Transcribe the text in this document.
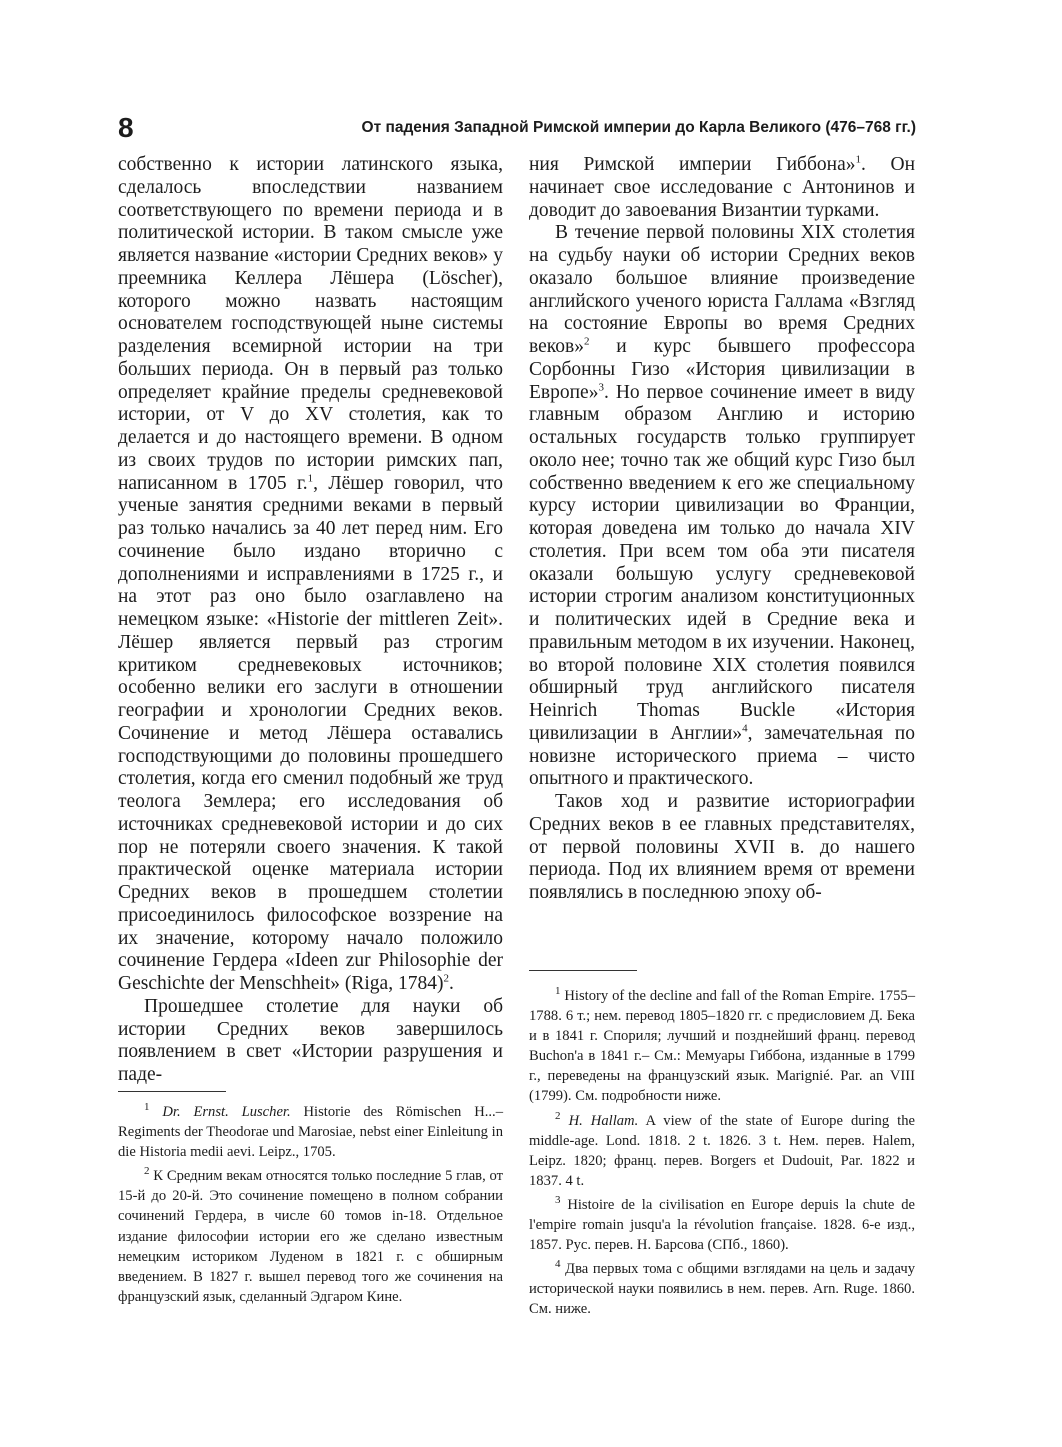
8	От падения Западной Римской империи до Карла Великого (476–768 гг.)

собственно к истории латинского языка, сделалось впоследствии названием соответствующего по времени периода и в политической истории. В таком смысле уже является название «истории Средних веков» у преемника Келлера Лёшера (Löscher), которого можно назвать настоящим основателем господствующей ныне системы разделения всемирной истории на три больших периода. Он в первый раз только определяет крайние пределы средневековой истории, от V до XV столетия, как то делается и до настоящего времени. В одном из своих трудов по истории римских пап, написанном в 1705 г.$^1$, Лёшер говорил, что ученые занятия средними веками в первый раз только начались за 40 лет перед ним. Его сочинение было издано вторично с дополнениями и исправлениями в 1725 г., и на этот раз оно было озаглавлено на немецком языке: «Historie der mittleren Zeit». Лёшер является первый раз строгим критиком средневековых источников; особенно велики его заслуги в отношении географии и хронологии Средних веков. Сочинение и метод Лёшера оставались господствующими до половины прошедшего столетия, когда его сменил подобный же труд теолога Землера; его исследования об источниках средневековой истории и до сих пор не потеряли своего значения. К такой практической оценке материала истории Средних веков в прошедшем столетии присоединилось философское воззрение на их значение, которому начало положило сочинение Гердера «Ideen zur Philosophie der Geschichte der Menschheit» (Riga, 1784)$^2$.

Прошедшее столетие для науки об истории Средних веков завершилось появлением в свет «Истории разрушения и паде-

ния Римской империи Гиббона»$^1$. Он начинает свое исследование с Антонинов и доводит до завоевания Византии турками.

В течение первой половины XIX столетия на судьбу науки об истории Средних веков оказало большое влияние произведение английского ученого юриста Галлама «Взгляд на состояние Европы во время Средних веков»$^2$ и курс бывшего профессора Сорбонны Гизо «История цивилизации в Европе»$^3$. Но первое сочинение имеет в виду главным образом Англию и историю остальных государств только группирует около нее; точно так же общий курс Гизо был собственно введением к его же специальному курсу истории цивилизации во Франции, которая доведена им только до начала XIV столетия. При всем том оба эти писателя оказали большую услугу средневековой истории строгим анализом конституционных и политических идей в Средние века и правильным методом в их изучении. Наконец, во второй половине XIX столетия появился обширный труд английского писателя Heinrich Thomas Buckle «История цивилизации в Англии»$^4$, замечательная по новизне исторического приема – чисто опытного и практического.

Таков ход и развитие историографии Средних веков в ее главных представителях, от первой половины XVII в. до нашего периода. Под их влиянием время от времени появлялись в последнюю эпоху об-

$^1$ Dr. Ernst. Luscher. Historie des Römischen H...– Regiments der Theodorae und Marosiae, nebst einer Einleitung in die Historia medii aevi. Leipz., 1705.

$^2$ К Средним векам относятся только последние 5 глав, от 15-й до 20-й. Это сочинение помещено в полном собрании сочинений Гердера, в числе 60 томов in-18. Отдельное издание философии истории его же сделано известным немецким историком Луденом в 1821 г. с обширным введением. В 1827 г. вышел перевод того же сочинения на французский язык, сделанный Эдгаром Кине.

$^1$ History of the decline and fall of the Roman Empire. 1755–1788. 6 т.; нем. перевод 1805–1820 гг. с предисловием Д. Бека и в 1841 г. Спориля; лучший и позднейший франц. перевод Buchon'a в 1841 г.– См.: Мемуары Гиббона, изданные в 1799 г., переведены на французский язык. Marignié. Par. an VIII (1799). См. подробности ниже.

$^2$ H. Hallam. A view of the state of Europe during the middle-age. Lond. 1818. 2 t. 1826. 3 t. Нем. перев. Halem, Leipz. 1820; франц. перев. Borgers et Dudouit, Par. 1822 и 1837. 4 t.

$^3$ Histoire de la civilisation en Europe depuis la chute de l'empire romain jusqu'a la révolution française. 1828. 6-е изд., 1857. Рус. перев. Н. Барсова (СПб., 1860).

$^4$ Два первых тома с общими взглядами на цель и задачу исторической науки появились в нем. перев. Arn. Ruge. 1860. См. ниже.
